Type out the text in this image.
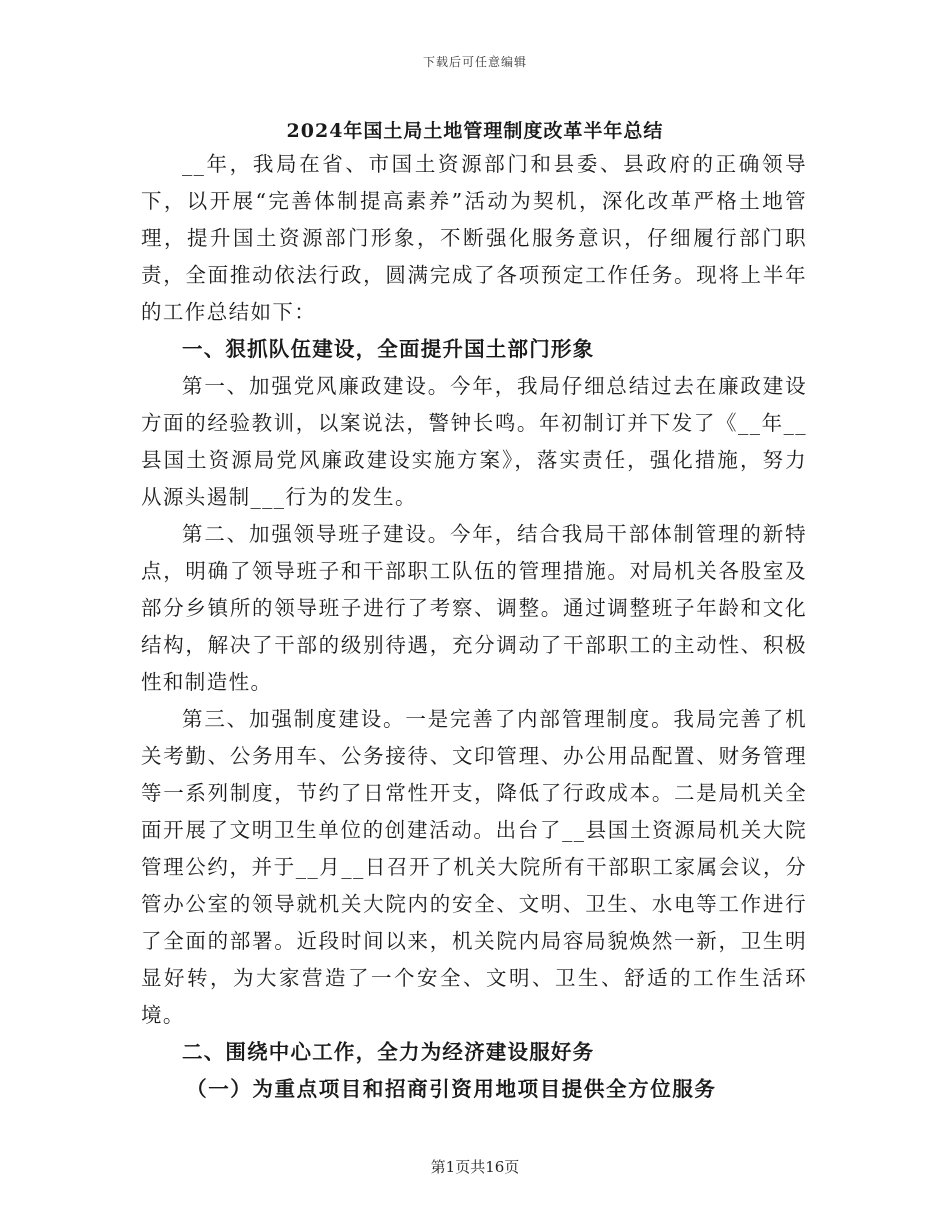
下载后可任意编辑
2024年国土局土地管理制度改革半年总结

__年，我局在省、市国土资源部门和县委、县政府的正确领导下，以开展“完善体制提高素养”活动为契机，深化改革严格土地管理，提升国土资源部门形象，不断强化服务意识，仔细履行部门职责，全面推动依法行政，圆满完成了各项预定工作任务。现将上半年的工作总结如下：

一、狠抓队伍建设，全面提升国土部门形象

第一、加强党风廉政建设。今年，我局仔细总结过去在廉政建设方面的经验教训，以案说法，警钟长鸣。年初制订并下发了《__年__县国土资源局党风廉政建设实施方案》，落实责任，强化措施，努力从源头遏制___行为的发生。

第二、加强领导班子建设。今年，结合我局干部体制管理的新特点，明确了领导班子和干部职工队伍的管理措施。对局机关各股室及部分乡镇所的领导班子进行了考察、调整。通过调整班子年龄和文化结构，解决了干部的级别待遇，充分调动了干部职工的主动性、积极性和制造性。

第三、加强制度建设。一是完善了内部管理制度。我局完善了机关考勤、公务用车、公务接待、文印管理、办公用品配置、财务管理等一系列制度，节约了日常性开支，降低了行政成本。二是局机关全面开展了文明卫生单位的创建活动。出台了__县国土资源局机关大院管理公约，并于__月__日召开了机关大院所有干部职工家属会议，分管办公室的领导就机关大院内的安全、文明、卫生、水电等工作进行了全面的部署。近段时间以来，机关院内局容局貌焕然一新，卫生明显好转，为大家营造了一个安全、文明、卫生、舒适的工作生活环境。

二、围绕中心工作，全力为经济建设服好务

（一）为重点项目和招商引资用地项目提供全方位服务

第1页共16页
